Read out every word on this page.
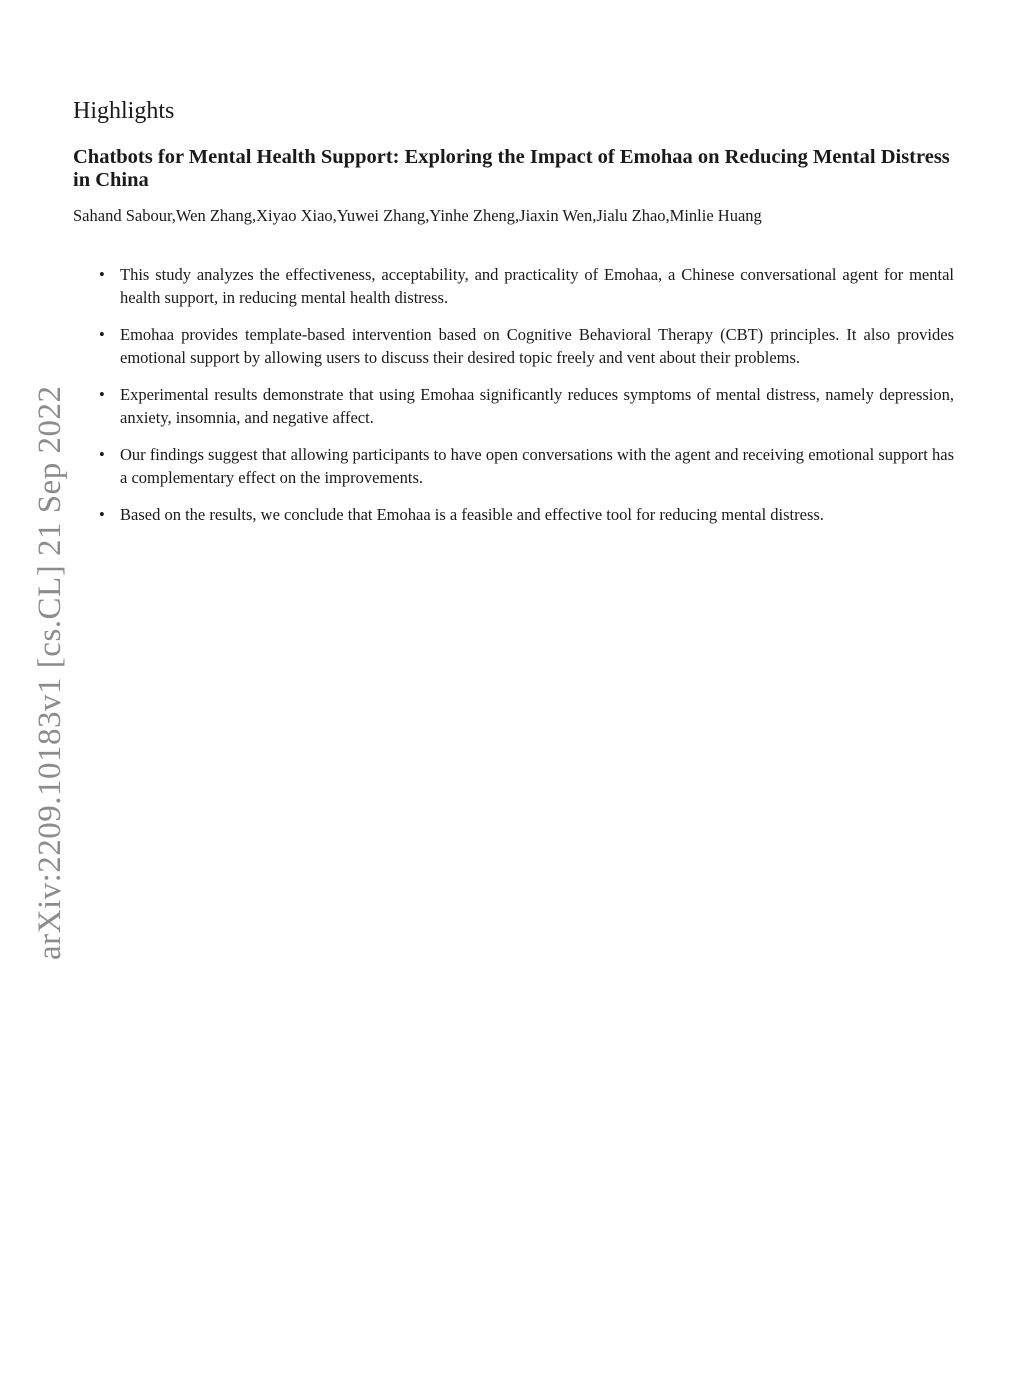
arXiv:2209.10183v1 [cs.CL] 21 Sep 2022
Highlights
Chatbots for Mental Health Support: Exploring the Impact of Emohaa on Reducing Mental Distress in China

Sahand Sabour,Wen Zhang,Xiyao Xiao,Yuwei Zhang,Yinhe Zheng,Jiaxin Wen,Jialu Zhao,Minlie Huang

• This study analyzes the effectiveness, acceptability, and practicality of Emohaa, a Chinese conversational agent for mental health support, in reducing mental health distress.
• Emohaa provides template-based intervention based on Cognitive Behavioral Therapy (CBT) principles. It also provides emotional support by allowing users to discuss their desired topic freely and vent about their problems.
• Experimental results demonstrate that using Emohaa significantly reduces symptoms of mental distress, namely depression, anxiety, insomnia, and negative affect.
• Our findings suggest that allowing participants to have open conversations with the agent and receiving emotional support has a complementary effect on the improvements.
• Based on the results, we conclude that Emohaa is a feasible and effective tool for reducing mental distress.
